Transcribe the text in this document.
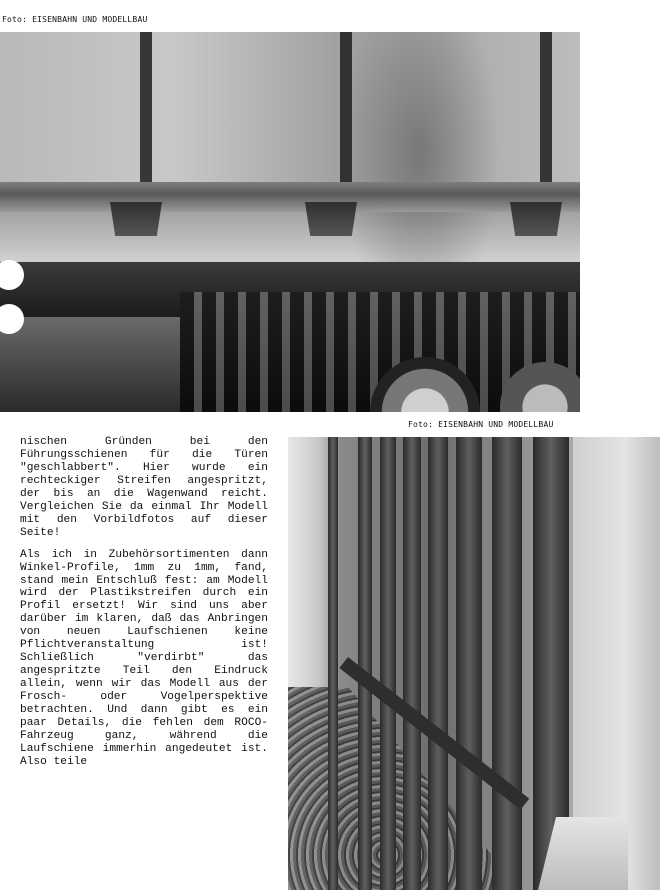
Foto: EISENBAHN UND MODELLBAU
Foto: EISENBAHN UND MODELLBAU

nischen Gründen bei den Führungsschienen für die Türen "geschlabbert". Hier wurde ein rechteckiger Streifen angespritzt, der bis an die Wagenwand reicht. Vergleichen Sie da einmal Ihr Modell mit den Vorbildfotos auf dieser Seite!

Als ich in Zubehörsortimenten dann Winkel-Profile, 1mm zu 1mm, fand, stand mein Entschluß fest: am Modell wird der Plastikstreifen durch ein Profil ersetzt! Wir sind uns aber darüber im klaren, daß das Anbringen von neuen Laufschienen keine Pflichtveranstaltung ist! Schließlich "verdirbt" das angespritzte Teil den Eindruck allein, wenn wir das Modell aus der Frosch- oder Vogelperspektive betrachten. Und dann gibt es ein paar Details, die fehlen dem ROCO-Fahrzeug ganz, während die Laufschiene immerhin angedeutet ist. Also teile
